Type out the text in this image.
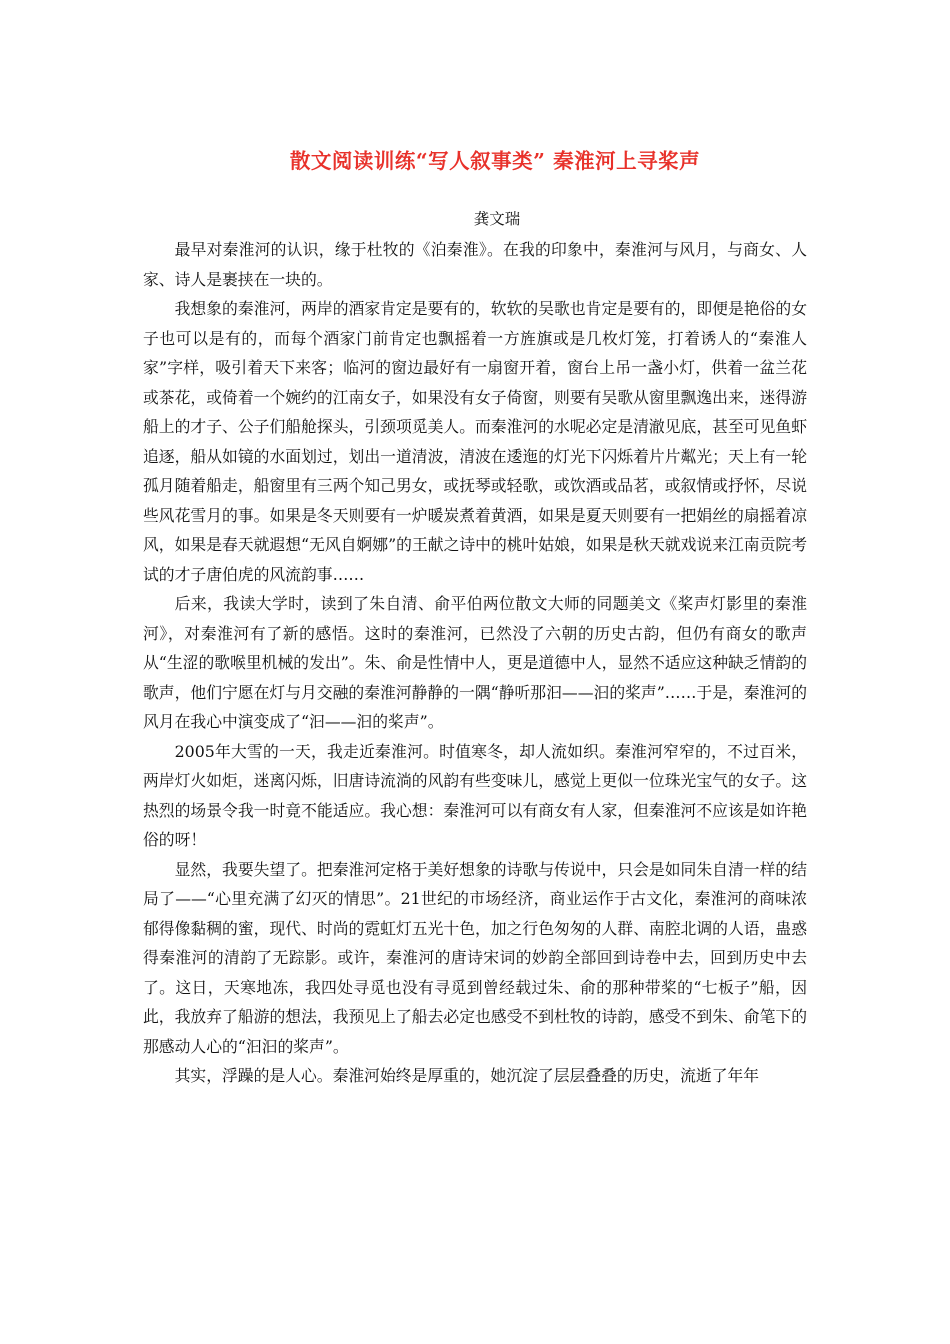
散文阅读训练“写人叙事类” 秦淮河上寻桨声
龚文瑞

最早对秦淮河的认识，缘于杜牧的《泊秦淮》。在我的印象中，秦淮河与风月，与商女、人家、诗人是裹挟在一块的。

我想象的秦淮河，两岸的酒家肯定是要有的，软软的吴歌也肯定是要有的，即便是艳俗的女子也可以是有的，而每个酒家门前肯定也飘摇着一方旌旗或是几枚灯笼，打着诱人的“秦淮人家”字样，吸引着天下来客；临河的窗边最好有一扇窗开着，窗台上吊一盏小灯，供着一盆兰花或茶花，或倚着一个婉约的江南女子，如果没有女子倚窗，则要有吴歌从窗里飘逸出来，迷得游船上的才子、公子们船舱探头，引颈项觅美人。而秦淮河的水呢必定是清澈见底，甚至可见鱼虾追逐，船从如镜的水面划过，划出一道清波，清波在逶迤的灯光下闪烁着片片粼光；天上有一轮孤月随着船走，船窗里有三两个知己男女，或抚琴或轻歌，或饮酒或品茗，或叙情或抒怀，尽说些风花雪月的事。如果是冬天则要有一炉暖炭煮着黄酒，如果是夏天则要有一把娟丝的扇摇着凉风，如果是春天就遐想“无风自婀娜”的王献之诗中的桃叶姑娘，如果是秋天就戏说来江南贡院考试的才子唐伯虎的风流韵事……

后来，我读大学时，读到了朱自清、俞平伯两位散文大师的同题美文《桨声灯影里的秦淮河》，对秦淮河有了新的感悟。这时的秦淮河，已然没了六朝的历史古韵，但仍有商女的歌声从“生涩的歌喉里机械的发出”。朱、俞是性情中人，更是道德中人，显然不适应这种缺乏情韵的歌声，他们宁愿在灯与月交融的秦淮河静静的一隅“静听那汩——汩的桨声”……于是，秦淮河的风月在我心中演变成了“汩——汩的桨声”。

2005年大雪的一天，我走近秦淮河。时值寒冬，却人流如织。秦淮河窄窄的，不过百米，两岸灯火如炬，迷离闪烁，旧唐诗流淌的风韵有些变味儿，感觉上更似一位珠光宝气的女子。这热烈的场景令我一时竟不能适应。我心想：秦淮河可以有商女有人家，但秦淮河不应该是如许艳俗的呀！

显然，我要失望了。把秦淮河定格于美好想象的诗歌与传说中，只会是如同朱自清一样的结局了——“心里充满了幻灭的情思”。21世纪的市场经济，商业运作于古文化，秦淮河的商味浓郁得像黏稠的蜜，现代、时尚的霓虹灯五光十色，加之行色匆匆的人群、南腔北调的人语，蛊惑得秦淮河的清韵了无踪影。或许，秦淮河的唐诗宋词的妙韵全部回到诗卷中去，回到历史中去了。这日，天寒地冻，我四处寻觅也没有寻觅到曾经载过朱、俞的那种带桨的“七板子”船，因此，我放弃了船游的想法，我预见上了船去必定也感受不到杜牧的诗韵，感受不到朱、俞笔下的那感动人心的“汩汩的桨声”。

其实，浮躁的是人心。秦淮河始终是厚重的，她沉淀了层层叠叠的历史，流逝了年年
